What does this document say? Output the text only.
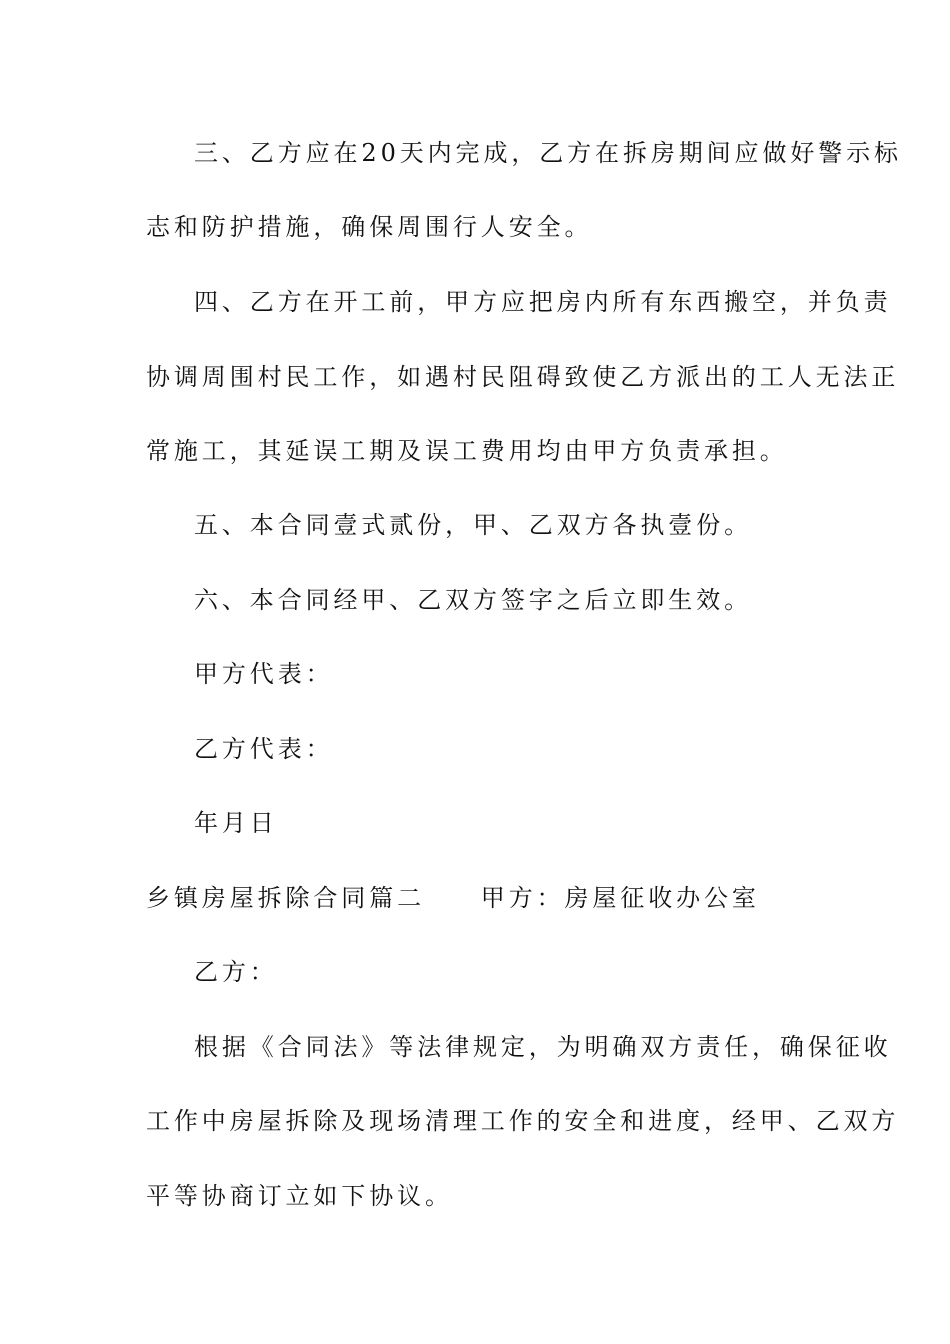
三、乙方应在20天内完成，乙方在拆房期间应做好警示标
志和防护措施，确保周围行人安全。
四、乙方在开工前，甲方应把房内所有东西搬空，并负责
协调周围村民工作，如遇村民阻碍致使乙方派出的工人无法正
常施工，其延误工期及误工费用均由甲方负责承担。
五、本合同壹式贰份，甲、乙双方各执壹份。
六、本合同经甲、乙双方签字之后立即生效。
甲方代表：
乙方代表：
年月日
乡镇房屋拆除合同篇二　　甲方：房屋征收办公室
乙方：
根据《合同法》等法律规定，为明确双方责任，确保征收
工作中房屋拆除及现场清理工作的安全和进度，经甲、乙双方
平等协商订立如下协议。
